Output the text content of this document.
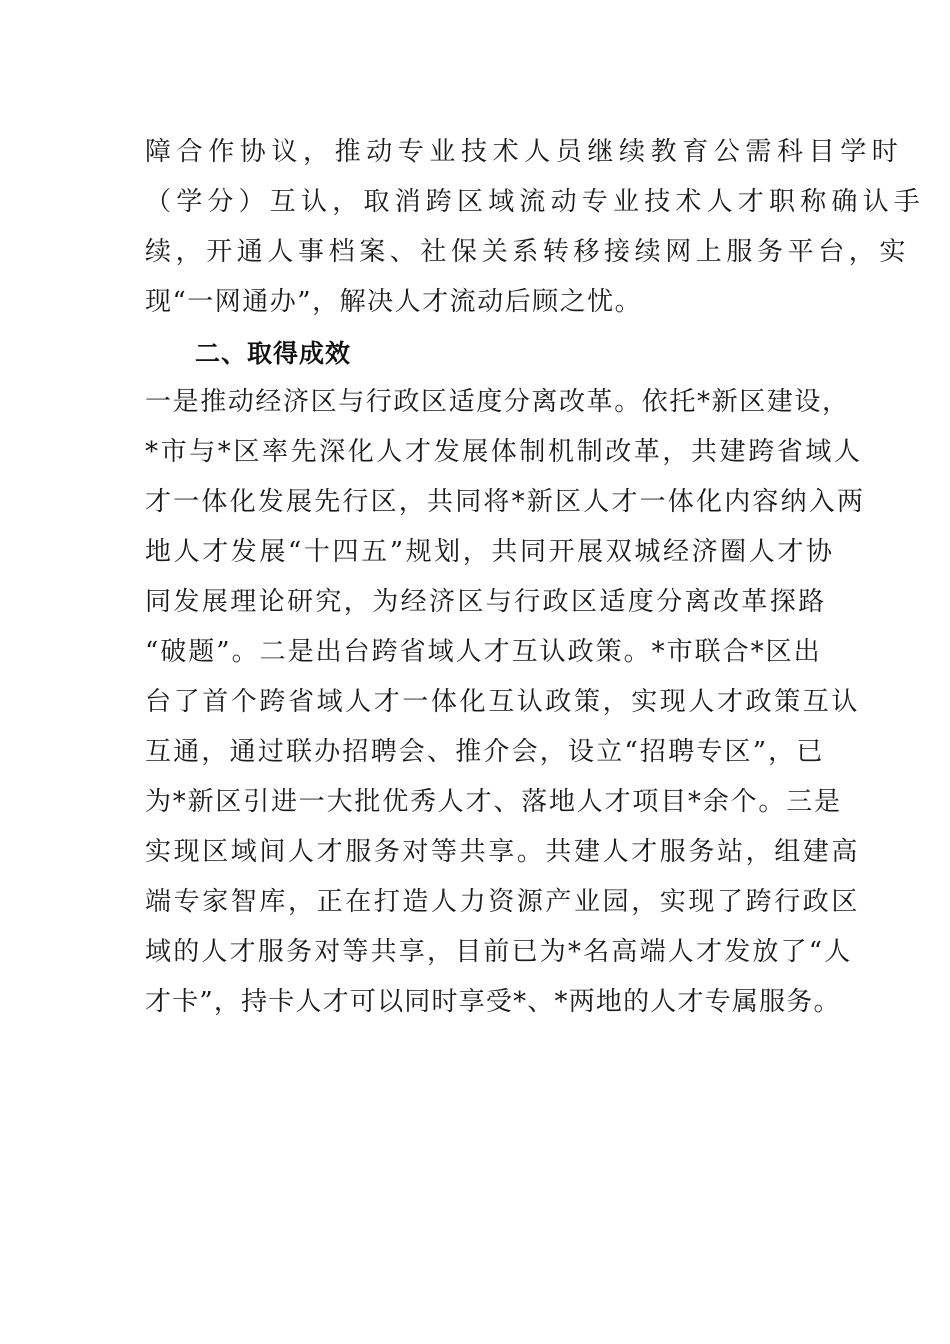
障合作协议，推动专业技术人员继续教育公需科目学时
（学分）互认，取消跨区域流动专业技术人才职称确认手
续，开通人事档案、社保关系转移接续网上服务平台，实
现“一网通办”，解决人才流动后顾之忧。
二、取得成效
一是推动经济区与行政区适度分离改革。依托*新区建设，
*市与*区率先深化人才发展体制机制改革，共建跨省域人
才一体化发展先行区，共同将*新区人才一体化内容纳入两
地人才发展“十四五”规划，共同开展双城经济圈人才协
同发展理论研究，为经济区与行政区适度分离改革探路
“破题”。二是出台跨省域人才互认政策。*市联合*区出
台了首个跨省域人才一体化互认政策，实现人才政策互认
互通，通过联办招聘会、推介会，设立“招聘专区”，已
为*新区引进一大批优秀人才、落地人才项目*余个。三是
实现区域间人才服务对等共享。共建人才服务站，组建高
端专家智库，正在打造人力资源产业园，实现了跨行政区
域的人才服务对等共享，目前已为*名高端人才发放了“人
才卡”，持卡人才可以同时享受*、*两地的人才专属服务。
